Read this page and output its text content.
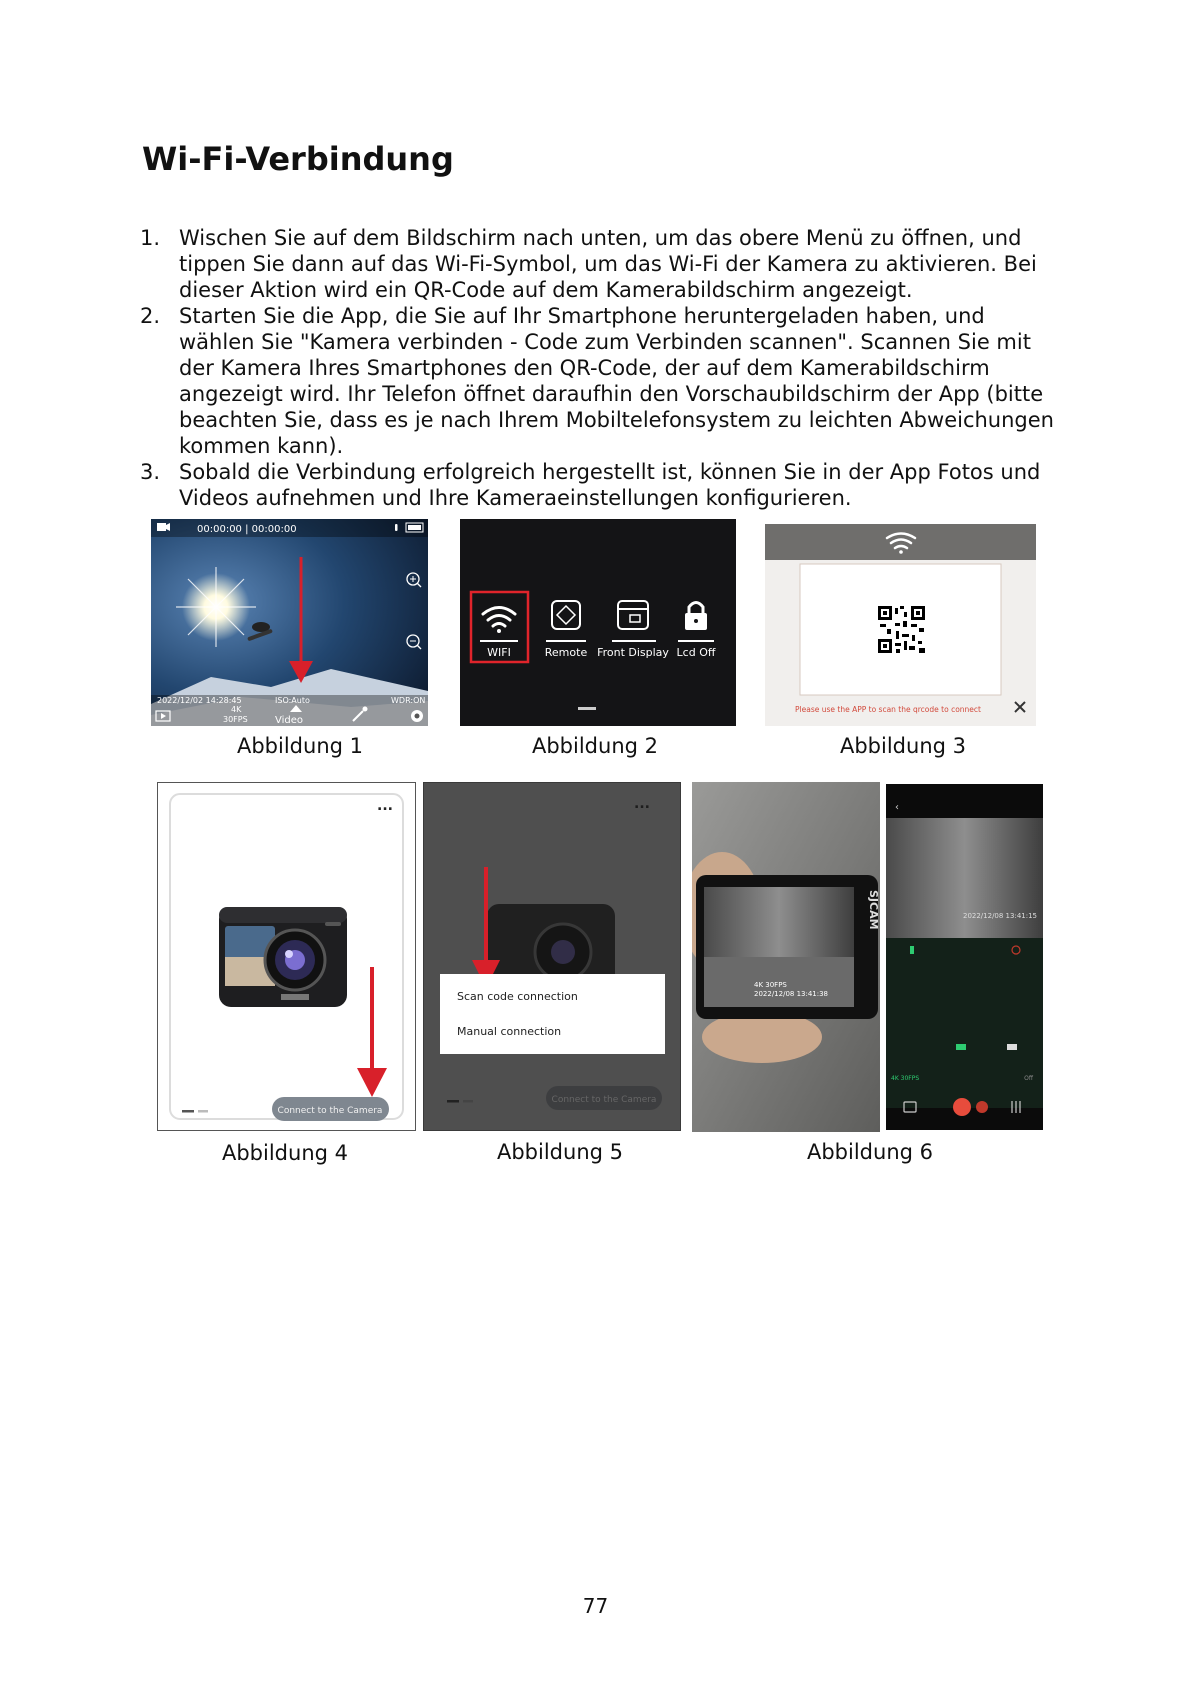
Wi-Fi-Verbindung
1. Wischen Sie auf dem Bildschirm nach unten, um das obere Menü zu öffnen, und tippen Sie dann auf das Wi-Fi-Symbol, um das Wi-Fi der Kamera zu aktivieren. Bei dieser Aktion wird ein QR-Code auf dem Kamerabildschirm angezeigt.
2. Starten Sie die App, die Sie auf Ihr Smartphone heruntergeladen haben, und wählen Sie "Kamera verbinden - Code zum Verbinden scannen". Scannen Sie mit der Kamera Ihres Smartphones den QR-Code, der auf dem Kamerabildschirm angezeigt wird. Ihr Telefon öffnet daraufhin den Vorschaubildschirm der App (bitte beachten Sie, dass es je nach Ihrem Mobiltelefonsystem zu leichten Abweichungen kommen kann).
3. Sobald die Verbindung erfolgreich hergestellt ist, können Sie in der App Fotos und Videos aufnehmen und Ihre Kameraeinstellungen konfigurieren.
00:00:00 | 00:00:00
2022/12/02 14:28:45	ISO:Auto	WDR:ON
4K
30FPS	Video
Abbildung 1
WIFI	Remote Front Display Lcd Off
Abbildung 2
Please use the APP to scan the qrcode to connect
Abbildung 3
...
Connect to the Camera
Abbildung 4
...
Scan code connection
Manual connection
Connect to the Camera
Abbildung 5
4K 30FPS
2022/12/08 13:41:38
SJCAM
‹
2022/12/08 13:41:15
4K 30FPS	Off
Abbildung 6
77
